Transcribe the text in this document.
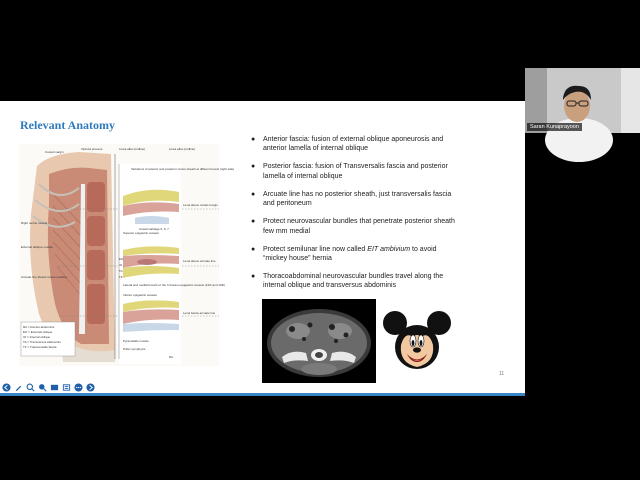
Relevant Anatomy
RA = Rectus abdominis
EO = External oblique
IO = Internal oblique
TA = Transversus abdominis
TF = Transversalis fascia
Costal margin
Xiphoid process	Linea alba (midline)	Linea alba (midline)
Right rectus muscle
External oblique muscle
Arcuate line (below rectus muscle)
Variations of anterior and posterior rectus sheath at different levels (right side)
Level above costal margin
Level above arcuate line
Level below arcuate line
Superior epigastric vessels
Costal cartilage 6, 6, 7
Lateral and medial branch of the 4 thoraco-epigastric vessels (12th and 10th)
Inferior epigastric vessels
Pyramidalis muscle
Pubic symphysis
EO
IO
TA
TF
RA
● Anterior fascia: fusion of external oblique aponeurosis and anterior lamella of internal oblique
● Posterior fascia: fusion of Transversalis fascia and posterior lamella of internal oblique
● Arcuate line has no posterior sheath, just transversalis fascia and peritoneum
● Protect neurovascular bundles that penetrate posterior sheath few mm medial
● Protect semilunar line now called EIT ambivium to avoid “mickey house” hernia
● Thoracoabdominal neurovascular bundles travel along the internal oblique and transversus abdominis
11
Saran Kunaprayoon
